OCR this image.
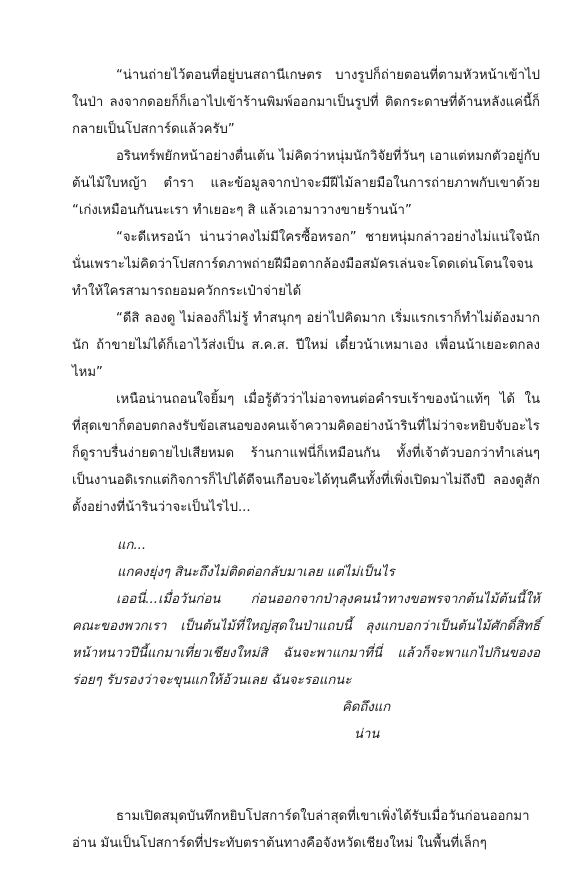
“น่านถ่ายไว้ตอนที่อยู่บนสถานีเกษตร บางรูปก็ถ่ายตอนที่ตามหัวหน้าเข้าไปในป่า ลงจากดอยก็ก็เอาไปเข้าร้านพิมพ์ออกมาเป็นรูปที่ ติดกระดาษที่ด้านหลังแค่นี้ก็กลายเป็นโปสการ์ดแล้วครับ”

อรินทร์พยักหน้าอย่างตื่นเต้น ไม่คิดว่าหนุ่มนักวิจัยที่วันๆ เอาแต่หมกตัวอยู่กับต้นไม้ใบหญ้า ตำรา และข้อมูลจากป่าจะมีฝีไม้ลายมือในการถ่ายภาพกับเขาด้วย “เก่งเหมือนกันนะเรา ทำเยอะๆ สิ แล้วเอามาวางขายร้านน้า”

“จะดีเหรอน้า น่านว่าคงไม่มีใครซื้อหรอก” ชายหนุ่มกล่าวอย่างไม่แน่ใจนัก นั่นเพราะไม่คิดว่าโปสการ์ดภาพถ่ายฝีมือตากล้องมือสมัครเล่นจะโดดเด่นโดนใจจนทำให้ใครสามารถยอมควักกระเป๋าจ่ายได้

“ดีสิ ลองดู ไม่ลองก็ไม่รู้ ทำสนุกๆ อย่าไปคิดมาก เริ่มแรกเราก็ทำไม่ต้องมากนัก ถ้าขายไม่ได้ก็เอาไว้ส่งเป็น ส.ค.ส. ปีใหม่ เดี๋ยวน้าเหมาเอง เพื่อนน้าเยอะตกลงไหม”

เหนือน่านถอนใจยิ้มๆ เมื่อรู้ตัวว่าไม่อาจทนต่อคำรบเร้าของน้าแท้ๆ ได้ ในที่สุดเขาก็ตอบตกลงรับข้อเสนอของคนเจ้าความคิดอย่างน้ารินที่ไม่ว่าจะหยิบจับอะไรก็ดูราบรื่นง่ายดายไปเสียหมด ร้านกาแฟนี่ก็เหมือนกัน ทั้งที่เจ้าตัวบอกว่าทำเล่นๆ เป็นงานอดิเรกแต่กิจการก็ไปได้ดีจนเกือบจะได้ทุนคืนทั้งที่เพิ่งเปิดมาไม่ถึงปี ลองดูสักตั้งอย่างที่น้ารินว่าจะเป็นไรไป...

แก...

แกคงยุ่งๆ สินะถึงไม่ติดต่อกลับมาเลย แต่ไม่เป็นไร

เออนี่...เมื่อวันก่อน ก่อนออกจากป่าลุงคนนำทางขอพรจากต้นไม้ต้นนี้ให้คณะของพวกเรา เป็นต้นไม้ที่ใหญ่สุดในป่าแถบนี้ ลุงแกบอกว่าเป็นต้นไม้ศักดิ์สิทธิ์ หน้าหนาวปีนี้แกมาเที่ยวเชียงใหม่สิ ฉันจะพาแกมาที่นี่ แล้วก็จะพาแกไปกินของอร่อยๆ รับรองว่าจะขุนแกให้อ้วนเลย ฉันจะรอแกนะ

คิดถึงแก

น่าน

ธามเปิดสมุดบันทึกหยิบโปสการ์ดใบล่าสุดที่เขาเพิ่งได้รับเมื่อวันก่อนออกมาอ่าน มันเป็นโปสการ์ดที่ประทับตราต้นทางคือจังหวัดเชียงใหม่ ในพื้นที่เล็กๆ
